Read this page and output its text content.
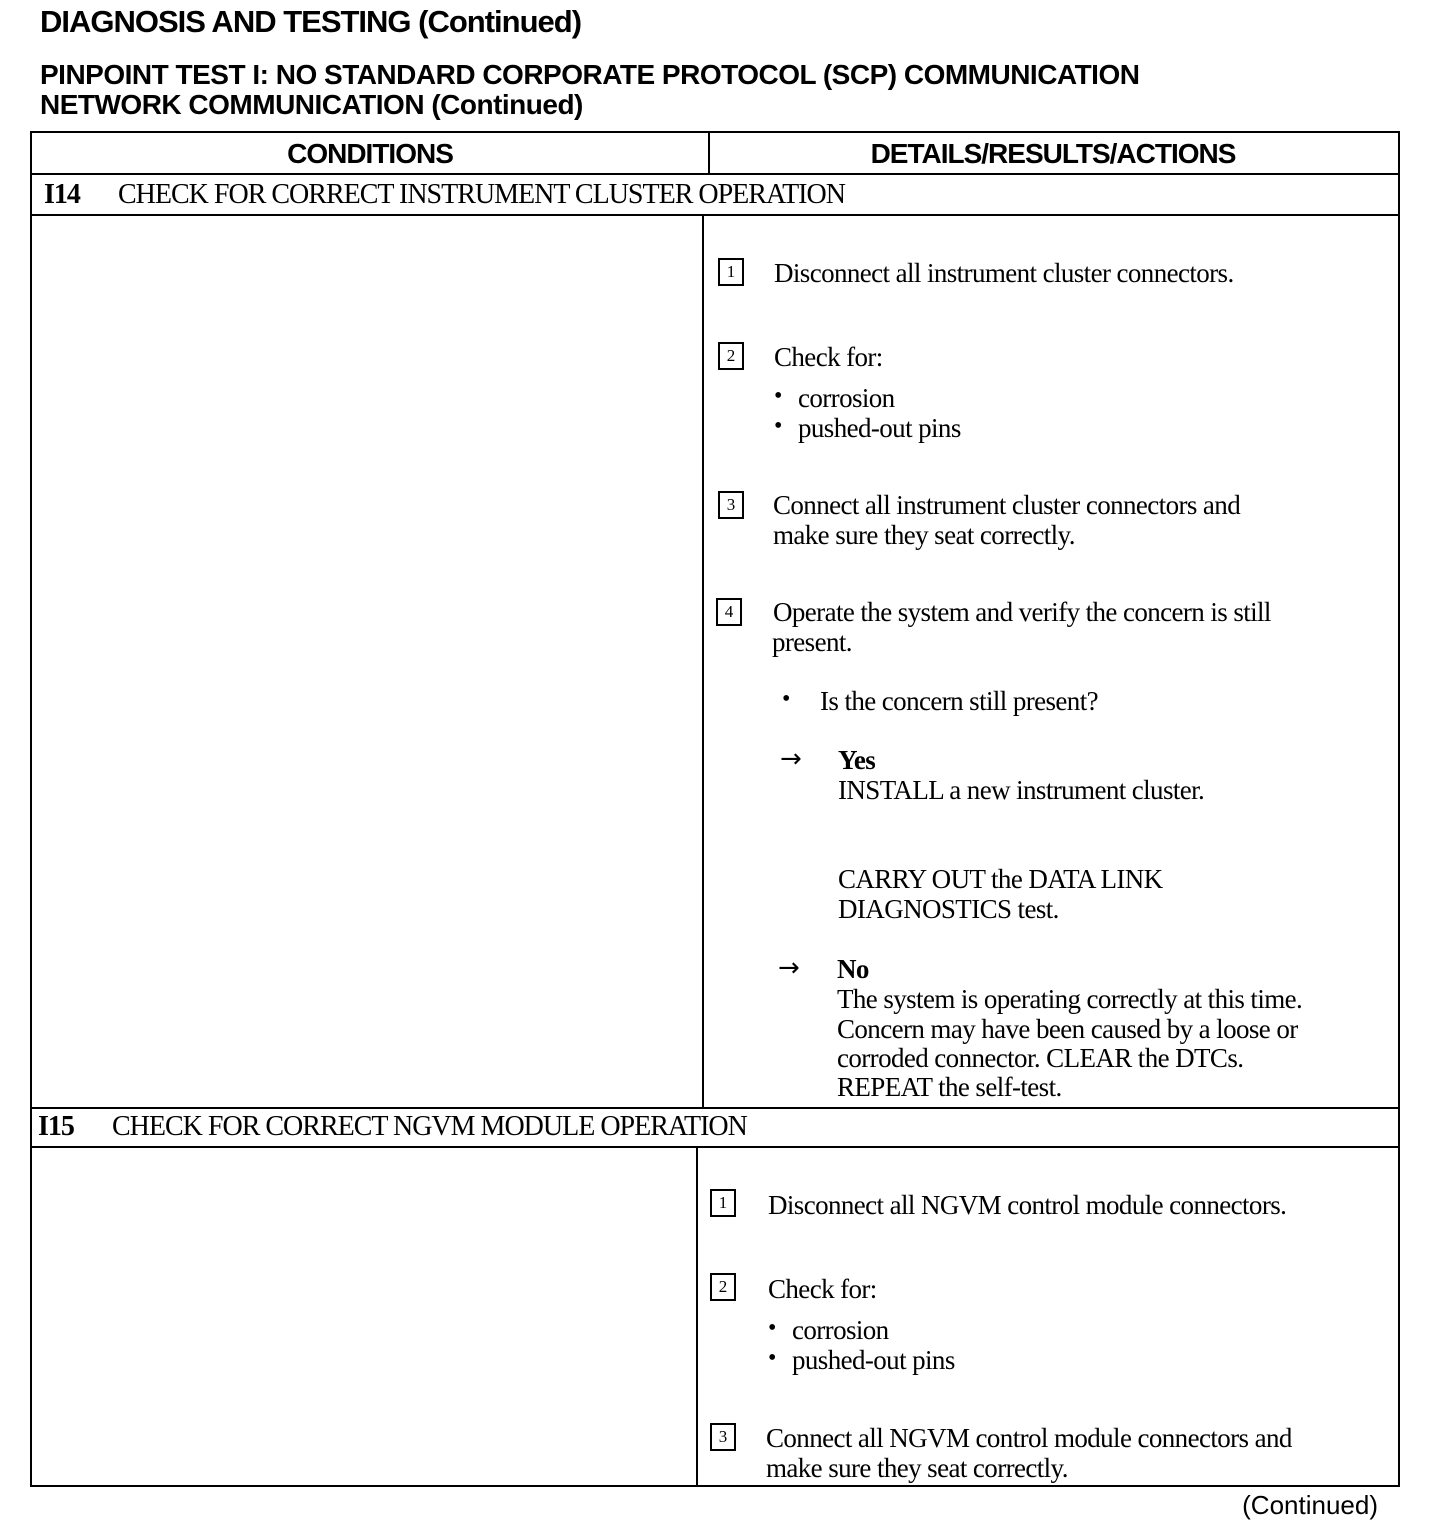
DIAGNOSIS AND TESTING (Continued)
PINPOINT TEST I: NO STANDARD CORPORATE PROTOCOL (SCP) COMMUNICATION
NETWORK COMMUNICATION (Continued)
CONDITIONS	DETAILS/RESULTS/ACTIONS
I14 CHECK FOR CORRECT INSTRUMENT CLUSTER OPERATION
1	Disconnect all instrument cluster connectors.
2	Check for:
• corrosion
• pushed-out pins
3	Connect all instrument cluster connectors and
make sure they seat correctly.
4	Operate the system and verify the concern is still
present.
• Is the concern still present?
→ Yes
INSTALL a new instrument cluster.
CARRY OUT the DATA LINK
DIAGNOSTICS test.
→ No
The system is operating correctly at this time.
Concern may have been caused by a loose or
corroded connector. CLEAR the DTCs.
REPEAT the self-test.
I15 CHECK FOR CORRECT NGVM MODULE OPERATION
1	Disconnect all NGVM control module connectors.
2	Check for:
• corrosion
• pushed-out pins
3	Connect all NGVM control module connectors and
make sure they seat correctly.
(Continued)
